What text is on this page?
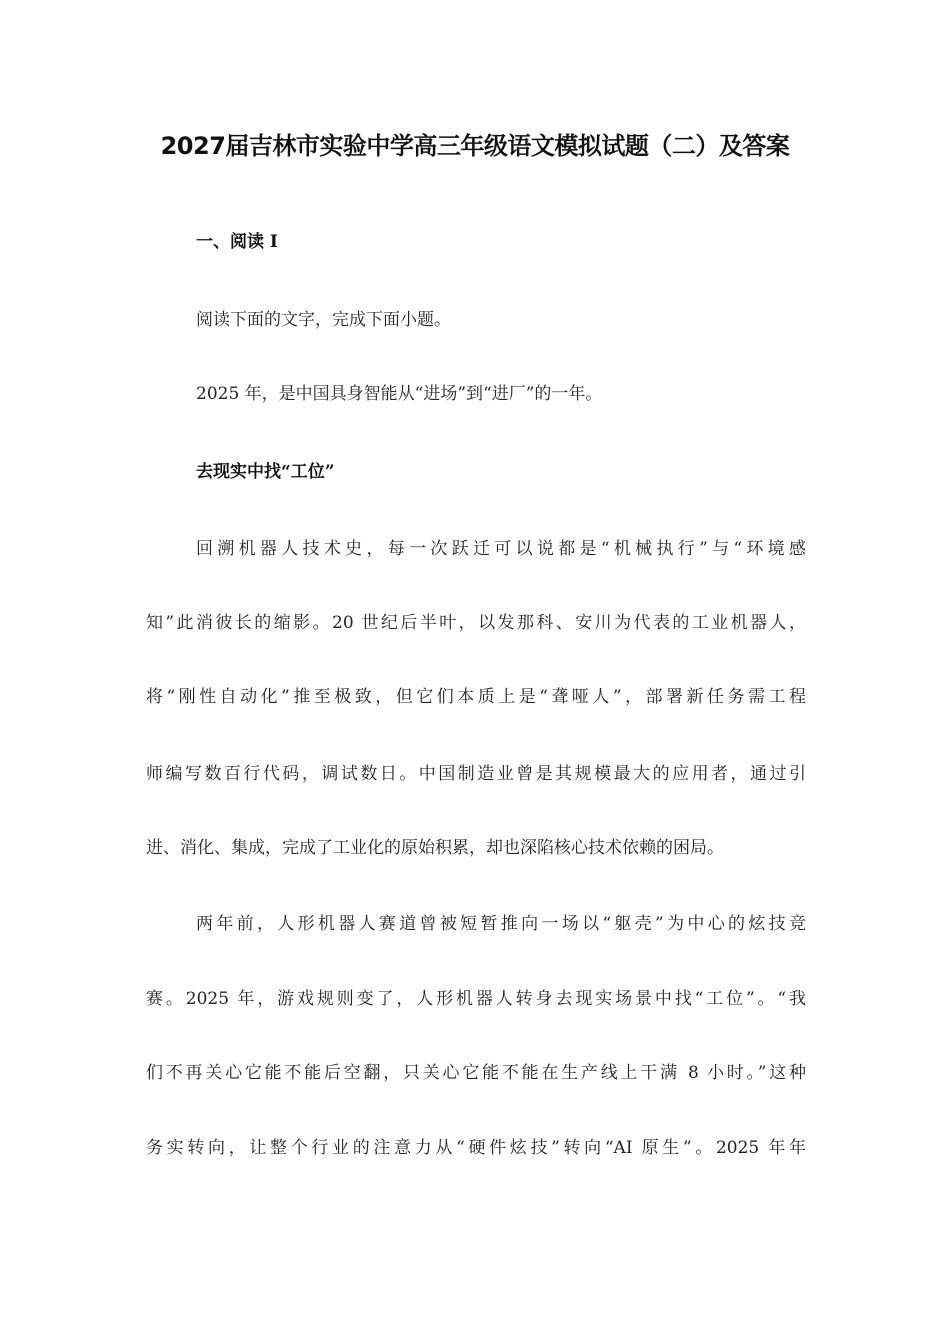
2027届吉林市实验中学高三年级语文模拟试题（二）及答案
一、阅读 I
阅读下面的文字，完成下面小题。
2025 年，是中国具身智能从“进场”到“进厂”的一年。
去现实中找“工位”
回溯机器人技术史，每一次跃迁可以说都是“机械执行”与“环境感
知”此消彼长的缩影。20 世纪后半叶，以发那科、安川为代表的工业机器人，
将“刚性自动化”推至极致，但它们本质上是“聋哑人”，部署新任务需工程
师编写数百行代码，调试数日。中国制造业曾是其规模最大的应用者，通过引
进、消化、集成，完成了工业化的原始积累，却也深陷核心技术依赖的困局。
两年前，人形机器人赛道曾被短暂推向一场以“躯壳”为中心的炫技竞
赛。2025 年，游戏规则变了，人形机器人转身去现实场景中找“工位”。“我
们不再关心它能不能后空翻，只关心它能不能在生产线上干满 8 小时。”这种
务实转向，让整个行业的注意力从“硬件炫技”转向“AI 原生”。2025 年年
